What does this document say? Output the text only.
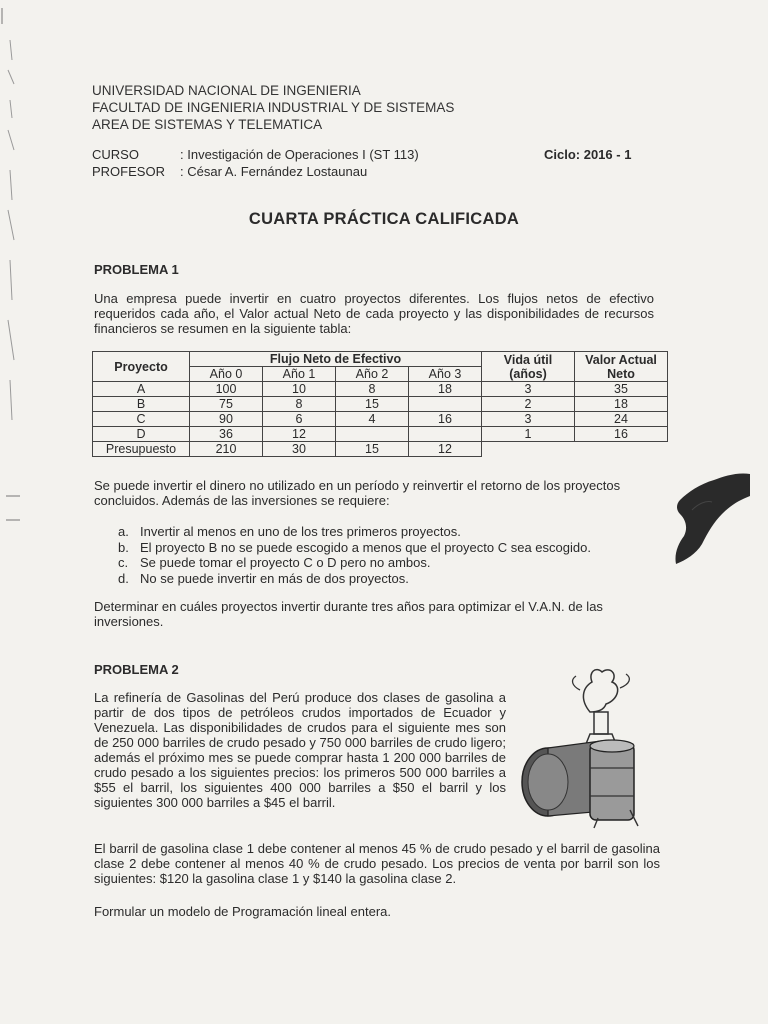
UNIVERSIDAD NACIONAL DE INGENIERIA
FACULTAD DE INGENIERIA INDUSTRIAL Y DE SISTEMAS
AREA DE SISTEMAS Y TELEMATICA
CURSO	: Investigación de Operaciones I (ST 113)
PROFESOR	: César A. Fernández Lostaunau
Ciclo: 2016 - 1
CUARTA PRÁCTICA CALIFICADA
PROBLEMA 1
Una empresa puede invertir en cuatro proyectos diferentes. Los flujos netos de efectivo requeridos cada año, el Valor actual Neto de cada proyecto y las disponibilidades de recursos financieros se resumen en la siguiente tabla:
Proyecto	Flujo Neto de Efectivo				Vida útil (años)	Valor Actual Neto
	Año 0	Año 1	Año 2	Año 3		
A	100	10	8	18	3	35
B	75	8	15		2	18
C	90	6	4	16	3	24
D	36	12			1	16
Presupuesto	210	30	15	12		
Se puede invertir el dinero no utilizado en un período y reinvertir el retorno de los proyectos concluidos. Además de las inversiones se requiere:
a. Invertir al menos en uno de los tres primeros proyectos.
b. El proyecto B no se puede escogido a menos que el proyecto C sea escogido.
c. Se puede tomar el proyecto C o D pero no ambos.
d. No se puede invertir en más de dos proyectos.
Determinar en cuáles proyectos invertir durante tres años para optimizar el V.A.N. de las inversiones.
PROBLEMA 2
La refinería de Gasolinas del Perú produce dos clases de gasolina a partir de dos tipos de petróleos crudos importados de Ecuador y Venezuela. Las disponibilidades de crudos para el siguiente mes son de 250 000 barriles de crudo pesado y 750 000 barriles de crudo ligero; además el próximo mes se puede comprar hasta 1 200 000 barriles de crudo pesado a los siguientes precios: los primeros 500 000 barriles a $55 el barril, los siguientes 400 000 barriles a $50 el barril y los siguientes 300 000 barriles a $45 el barril.
El barril de gasolina clase 1 debe contener al menos 45 % de crudo pesado y el barril de gasolina clase 2 debe contener al menos 40 % de crudo pesado. Los precios de venta por barril son los siguientes: $120 la gasolina clase 1 y $140 la gasolina clase 2.
Formular un modelo de Programación lineal entera.
